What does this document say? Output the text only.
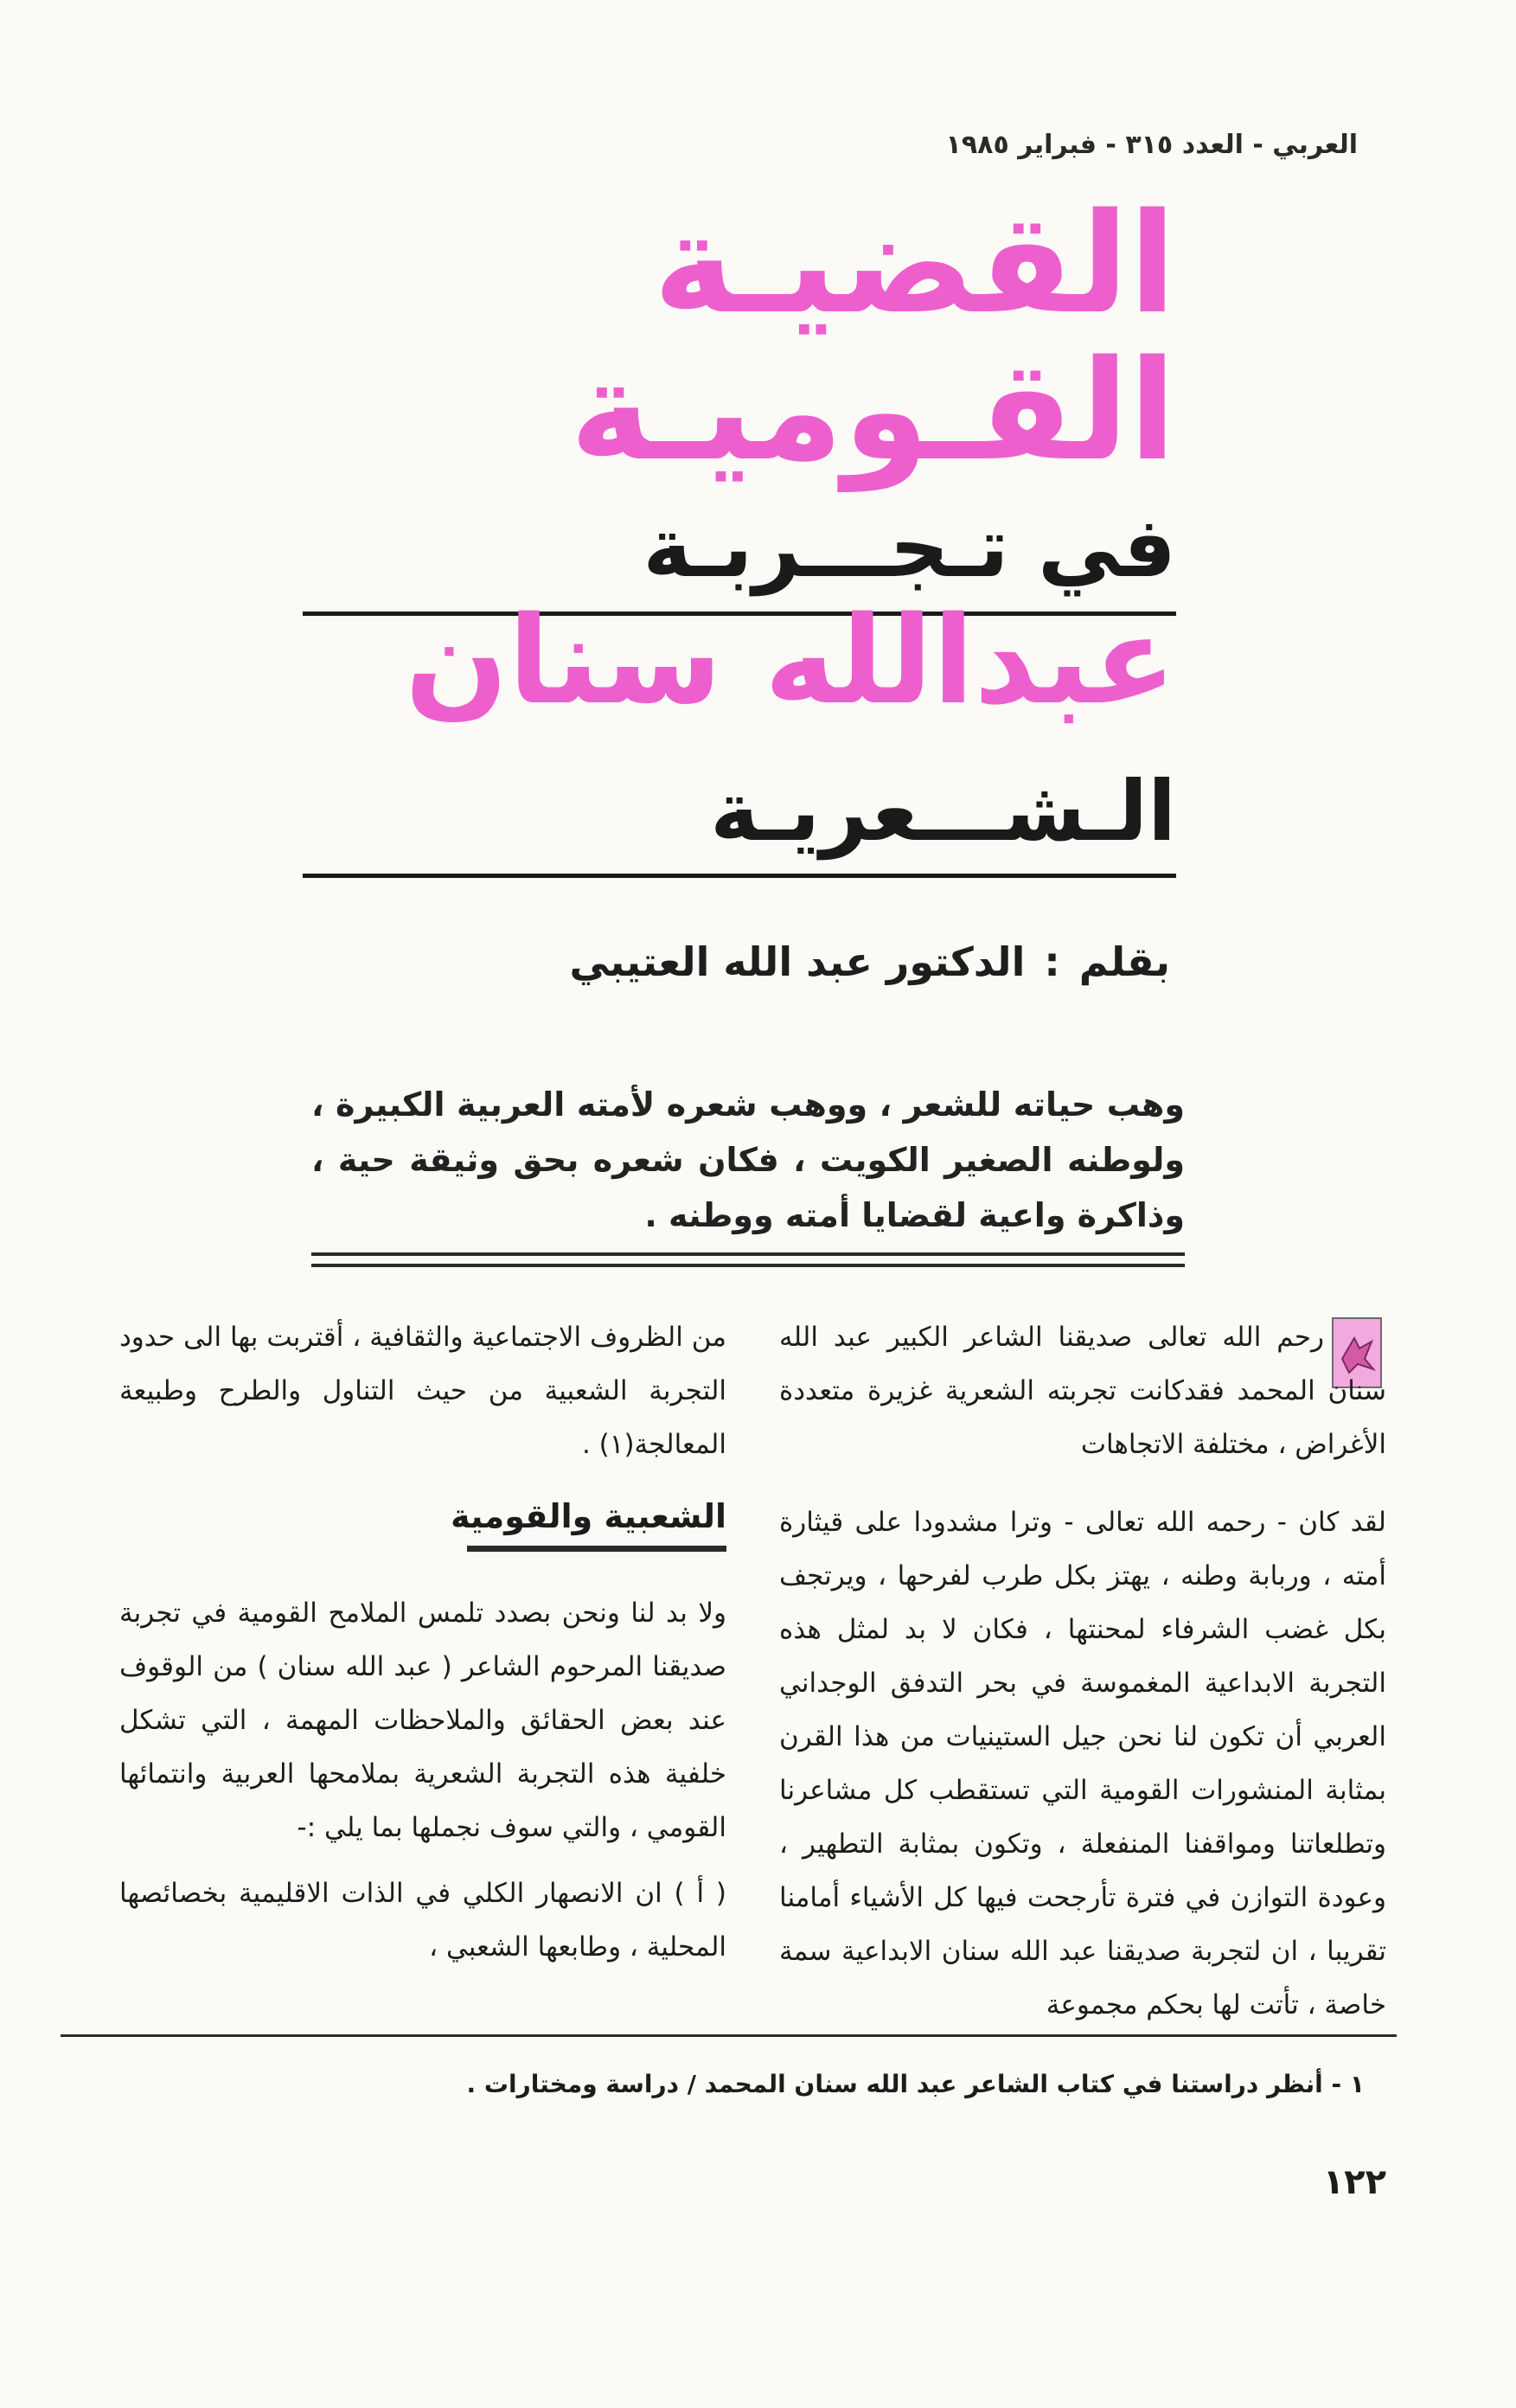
العربي - العدد ٣١٥ - فبراير ١٩٨٥
القضيـة
القـوميـة
في تـجـــربـة
عبدالله سنان
الـشـــعريـة
بقلم:الدكتور عبد الله العتيبي
وهب حياته للشعر ، ووهب شعره لأمته العربية الكبيرة ، ولوطنه الصغير الكويت ، فكان شعره بحق وثيقة حية ، وذاكرة واعية لقضايا أمته ووطنه .

رحم الله تعالى صديقنا الشاعر الكبير عبد الله سنان المحمد فقدكانت تجربته الشعرية غزيرة متعددة الأغراض ، مختلفة الاتجاهات

لقد كان - رحمه الله تعالى - وترا مشدودا على قيثارة أمته ، وربابة وطنه ، يهتز بكل طرب لفرحها ، ويرتجف بكل غضب الشرفاء لمحنتها ، فكان لا بد لمثل هذه التجربة الابداعية المغموسة في بحر التدفق الوجداني العربي أن تكون لنا نحن جيل الستينيات من هذا القرن بمثابة المنشورات القومية التي تستقطب كل مشاعرنا وتطلعاتنا ومواقفنا المنفعلة ، وتكون بمثابة التطهير ، وعودة التوازن في فترة تأرجحت فيها كل الأشياء أمامنا تقريبا ، ان لتجربة صديقنا عبد الله سنان الابداعية سمة خاصة ، تأتت لها بحكم مجموعة

من الظروف الاجتماعية والثقافية ، أقتربت بها الى حدود التجربة الشعبية من حيث التناول والطرح وطبيعة المعالجة(١) .

الشعبية والقومية

ولا بد لنا ونحن بصدد تلمس الملامح القومية في تجربة صديقنا المرحوم الشاعر ( عبد الله سنان ) من الوقوف عند بعض الحقائق والملاحظات المهمة ، التي تشكل خلفية هذه التجربة الشعرية بملامحها العربية وانتمائها القومي ، والتي سوف نجملها بما يلي :-

( أ ) ان الانصهار الكلي في الذات الاقليمية بخصائصها المحلية ، وطابعها الشعبي ،

١ - أنظر دراستنا في كتاب الشاعر عبد الله سنان المحمد / دراسة ومختارات .
١٢٢
